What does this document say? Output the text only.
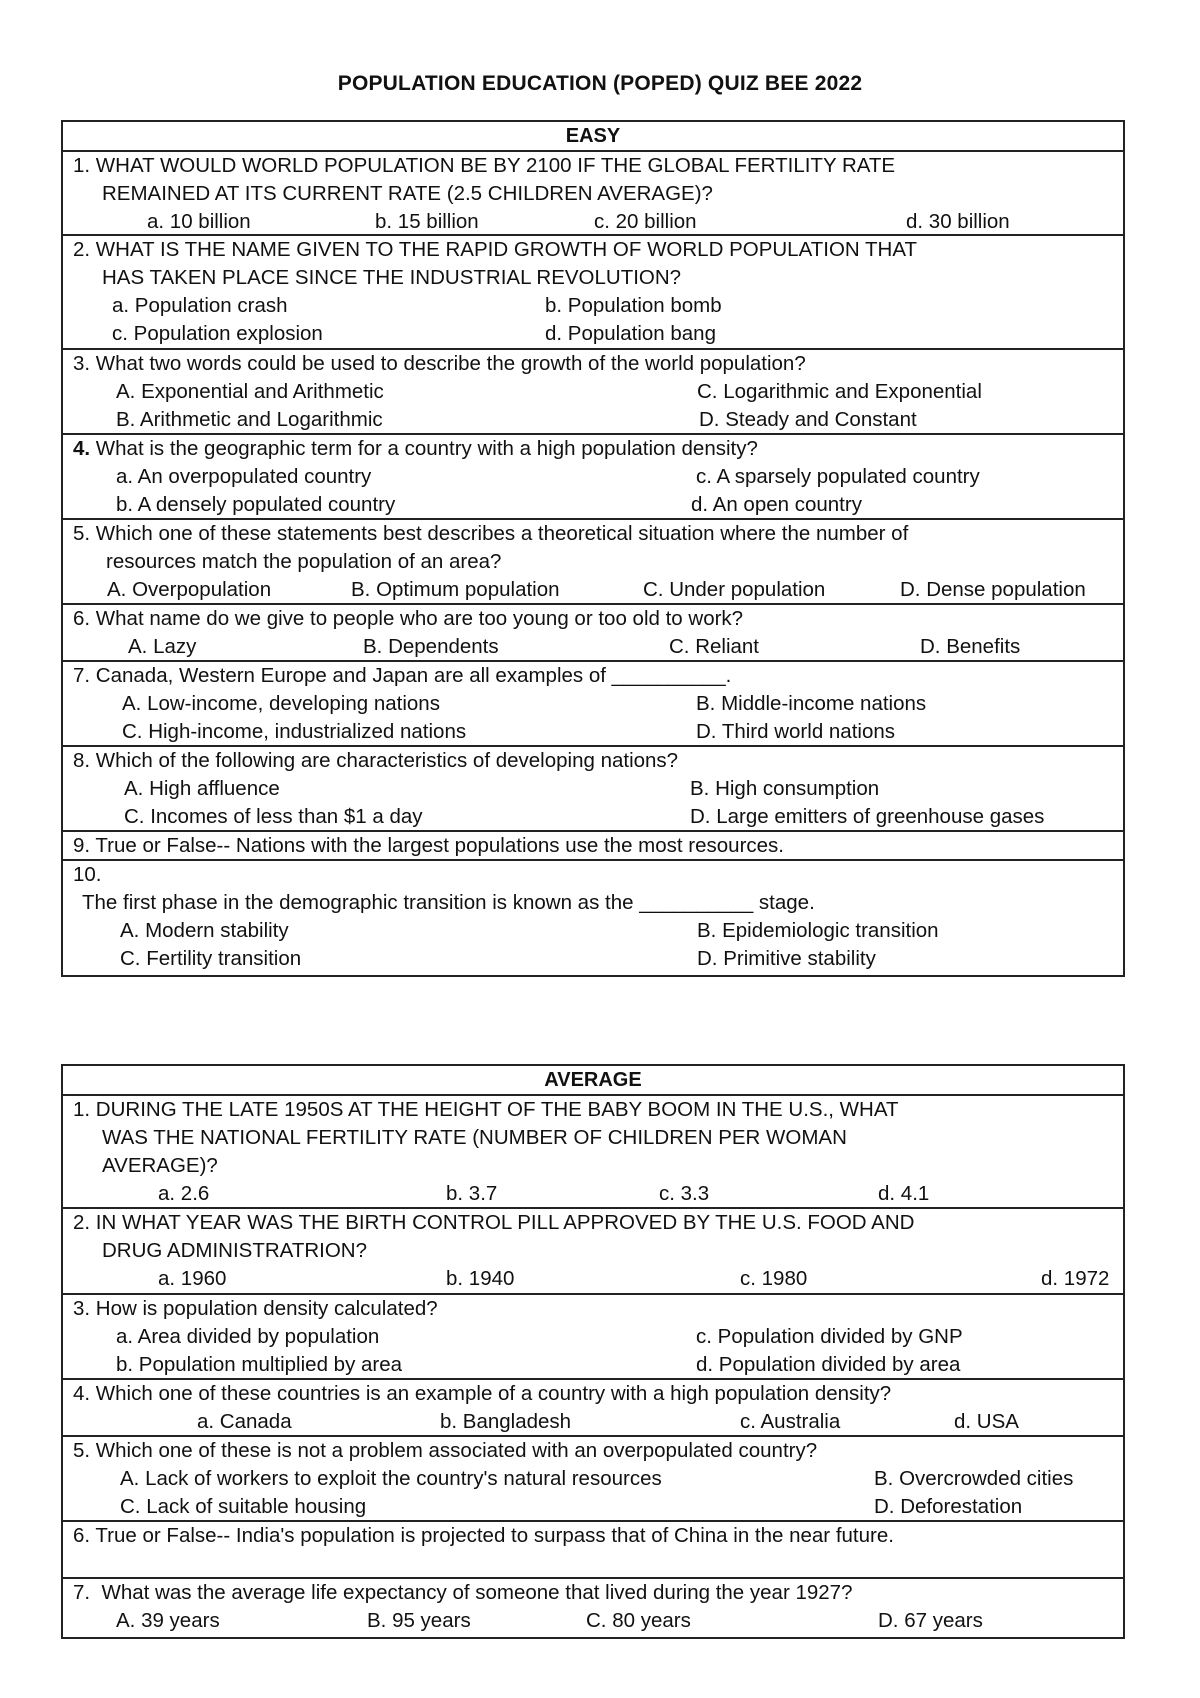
POPULATION EDUCATION (POPED) QUIZ BEE 2022
EASY
1. WHAT WOULD WORLD POPULATION BE BY 2100 IF THE GLOBAL FERTILITY RATE
REMAINED AT ITS CURRENT RATE (2.5 CHILDREN AVERAGE)?
a. 10 billion	b. 15 billion	c. 20 billion	d. 30 billion
2. WHAT IS THE NAME GIVEN TO THE RAPID GROWTH OF WORLD POPULATION THAT
HAS TAKEN PLACE SINCE THE INDUSTRIAL REVOLUTION?
a. Population crash	b. Population bomb
c. Population explosion	d. Population bang
3. What two words could be used to describe the growth of the world population?
A. Exponential and Arithmetic	C. Logarithmic and Exponential
B. Arithmetic and Logarithmic	D. Steady and Constant
4. What is the geographic term for a country with a high population density?
a. An overpopulated country	c. A sparsely populated country
b. A densely populated country	d. An open country
5. Which one of these statements best describes a theoretical situation where the number of
resources match the population of an area?
A. Overpopulation	B. Optimum population	C. Under population	D. Dense population
6. What name do we give to people who are too young or too old to work?
A. Lazy	B. Dependents	C. Reliant	D. Benefits
7. Canada, Western Europe and Japan are all examples of __________.
A. Low-income, developing nations	B. Middle-income nations
C. High-income, industrialized nations	D. Third world nations
8. Which of the following are characteristics of developing nations?
A. High affluence	B. High consumption
C. Incomes of less than $1 a day	D. Large emitters of greenhouse gases
9. True or False-- Nations with the largest populations use the most resources.
10.
The first phase in the demographic transition is known as the __________ stage.
A. Modern stability	B. Epidemiologic transition
C. Fertility transition	D. Primitive stability
AVERAGE
1. DURING THE LATE 1950S AT THE HEIGHT OF THE BABY BOOM IN THE U.S., WHAT
WAS THE NATIONAL FERTILITY RATE (NUMBER OF CHILDREN PER WOMAN
AVERAGE)?
a. 2.6	b. 3.7	c. 3.3	d. 4.1
2. IN WHAT YEAR WAS THE BIRTH CONTROL PILL APPROVED BY THE U.S. FOOD AND
DRUG ADMINISTRATRION?
a. 1960	b. 1940	c. 1980	d. 1972
3. How is population density calculated?
a. Area divided by population	c. Population divided by GNP
b. Population multiplied by area	d. Population divided by area
4. Which one of these countries is an example of a country with a high population density?
a. Canada	b. Bangladesh	c. Australia	d. USA
5. Which one of these is not a problem associated with an overpopulated country?
A. Lack of workers to exploit the country's natural resources	B. Overcrowded cities
C. Lack of suitable housing	D. Deforestation
6. True or False-- India's population is projected to surpass that of China in the near future.
7.  What was the average life expectancy of someone that lived during the year 1927?
A. 39 years	B. 95 years	C. 80 years	D. 67 years
